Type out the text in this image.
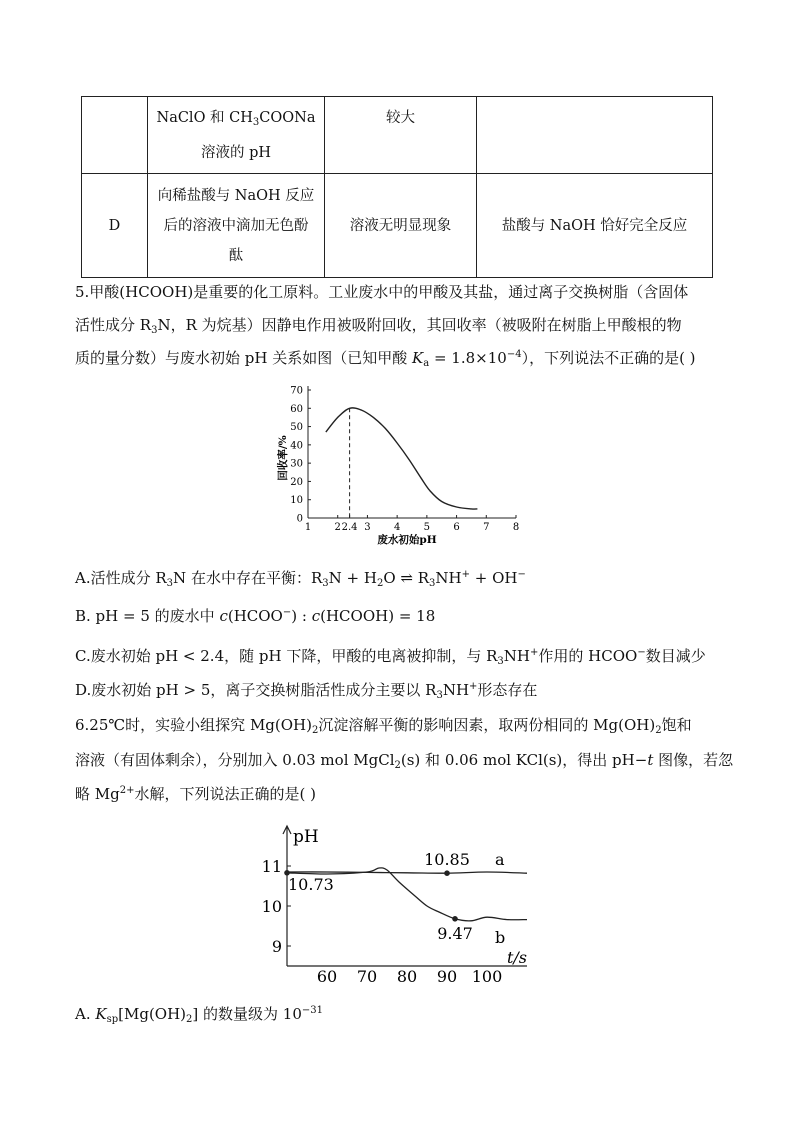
	NaClO 和 $CH_3COONa$
溶液的 pH	较大	
D	向稀盐酸与 NaOH 反应
后的溶液中滴加无色酚
酞	溶液无明显现象	盐酸与 NaOH 恰好完全反应
5.甲酸(HCOOH)是重要的化工原料。工业废水中的甲酸及其盐，通过离子交换树脂（含固体
活性成分 $R_3N$，R 为烷基）因静电作用被吸附回收，其回收率（被吸附在树脂上甲酸根的物
质的量分数）与废水初始 pH 关系如图（已知甲酸 $K_a = 1.8\times 10^{-4}$），下列说法不正确的是( )
0
10
20
30
40
50
60
70
1 2 2.4 3 4 5 6 7 8
废水初始pH
回收率/%
A.活性成分 $R_3N$ 在水中存在平衡：$R_3N + H_2O$ ⇌ $R_3NH^+ + OH^-$
B. pH = 5 的废水中 c(HCOO−) : c(HCOOH) = 18
C.废水初始 pH < 2.4，随 pH 下降，甲酸的电离被抑制，与 $R_3NH^+$作用的 HCOO−数目减少
D.废水初始 pH > 5，离子交换树脂活性成分主要以 $R_3NH^+$形态存在
6.25℃时，实验小组探究 $Mg(OH)_2$沉淀溶解平衡的影响因素，取两份相同的 $Mg(OH)_2$饱和
溶液（有固体剩余），分别加入 0.03 mol MgCl$_2$(s) 和 0.06 mol KCl(s)，得出 pH−t 图像，若忽
略 $Mg^{2+}$水解，下列说法正确的是( )
pH
t/s
9
10
11
60 70 80 90 100
10.73
10.85
9.47
a
b
A. $K_{sp}[Mg(OH)_2]$ 的数量级为 $10^{-31}$
